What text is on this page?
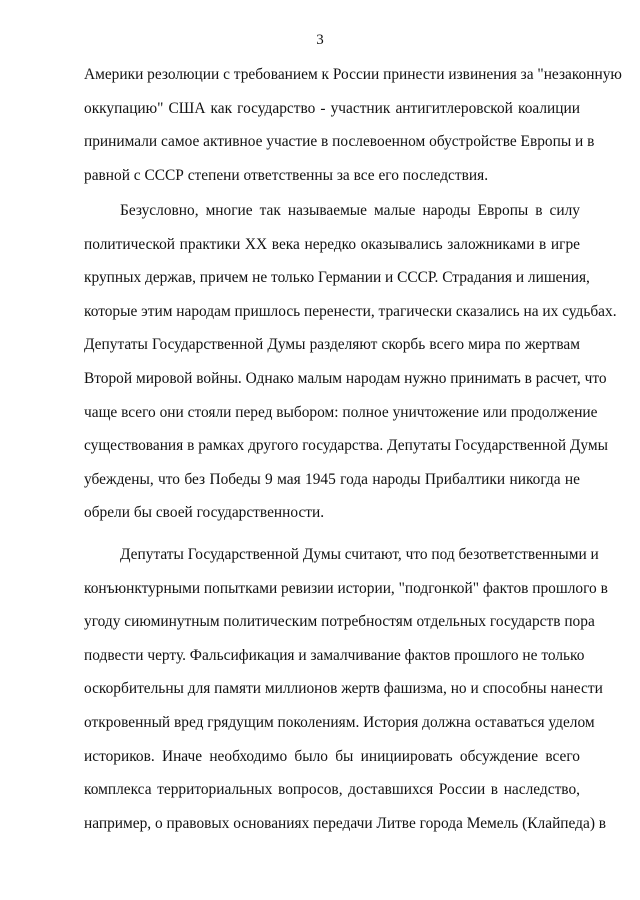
3
Америки резолюции с требованием к России принести извинения за "незаконную
оккупацию" США как государство - участник антигитлеровской коалиции
принимали самое активное участие в послевоенном обустройстве Европы и в
равной с СССР степени ответственны за все его последствия.
Безусловно, многие так называемые малые народы Европы в силу
политической практики XX века нередко оказывались заложниками в игре
крупных держав, причем не только Германии и СССР. Страдания и лишения,
которые этим народам пришлось перенести, трагически сказались на их судьбах.
Депутаты Государственной Думы разделяют скорбь всего мира по жертвам
Второй мировой войны. Однако малым народам нужно принимать в расчет, что
чаще всего они стояли перед выбором: полное уничтожение или продолжение
существования в рамках другого государства. Депутаты Государственной Думы
убеждены, что без Победы 9 мая 1945 года народы Прибалтики никогда не
обрели бы своей государственности.
Депутаты Государственной Думы считают, что под безответственными и
конъюнктурными попытками ревизии истории, "подгонкой" фактов прошлого в
угоду сиюминутным политическим потребностям отдельных государств пора
подвести черту. Фальсификация и замалчивание фактов прошлого не только
оскорбительны для памяти миллионов жертв фашизма, но и способны нанести
откровенный вред грядущим поколениям. История должна оставаться уделом
историков. Иначе необходимо было бы инициировать обсуждение всего
комплекса территориальных вопросов, доставшихся России в наследство,
например, о правовых основаниях передачи Литве города Мемель (Клайпеда) в
